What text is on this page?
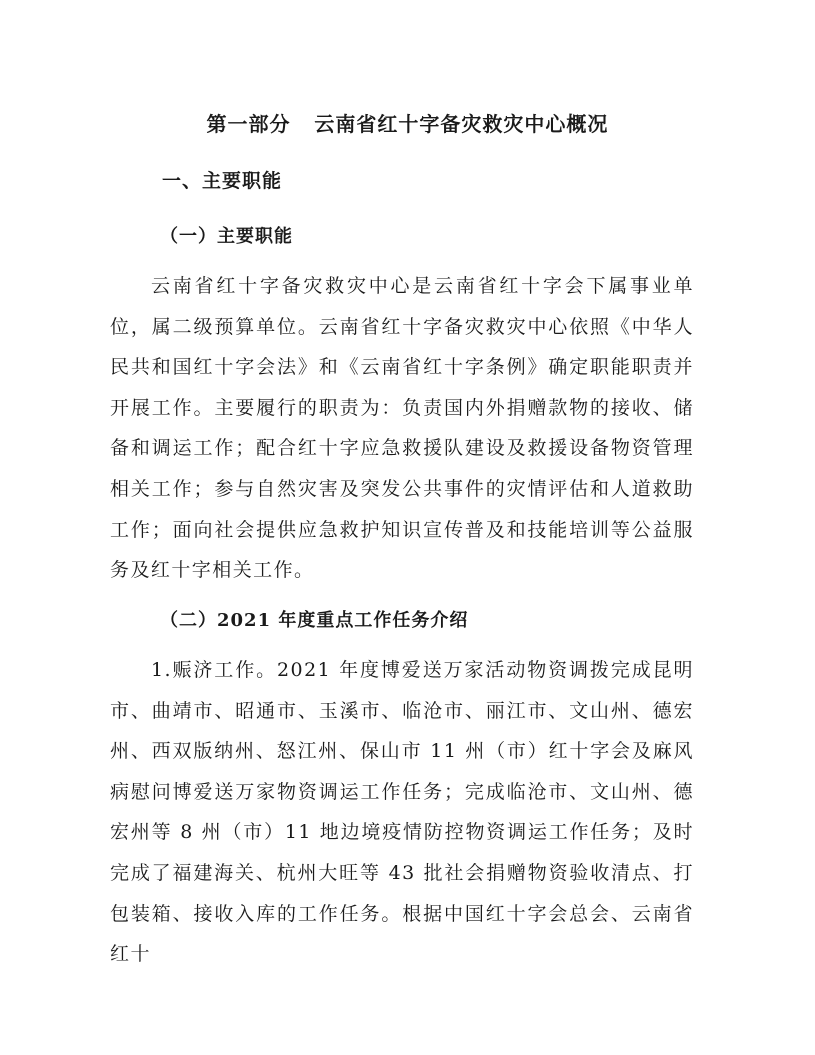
第一部分   云南省红十字备灾救灾中心概况
一、主要职能
（一）主要职能
云南省红十字备灾救灾中心是云南省红十字会下属事业单位，属二级预算单位。云南省红十字备灾救灾中心依照《中华人民共和国红十字会法》和《云南省红十字条例》确定职能职责并开展工作。主要履行的职责为：负责国内外捐赠款物的接收、储备和调运工作；配合红十字应急救援队建设及救援设备物资管理相关工作；参与自然灾害及突发公共事件的灾情评估和人道救助工作；面向社会提供应急救护知识宣传普及和技能培训等公益服务及红十字相关工作。
（二）2021 年度重点工作任务介绍
1.赈济工作。2021 年度博爱送万家活动物资调拨完成昆明市、曲靖市、昭通市、玉溪市、临沧市、丽江市、文山州、德宏州、西双版纳州、怒江州、保山市 11 州（市）红十字会及麻风病慰问博爱送万家物资调运工作任务；完成临沧市、文山州、德宏州等 8 州（市）11 地边境疫情防控物资调运工作任务；及时完成了福建海关、杭州大旺等 43 批社会捐赠物资验收清点、打包装箱、接收入库的工作任务。根据中国红十字会总会、云南省红十
